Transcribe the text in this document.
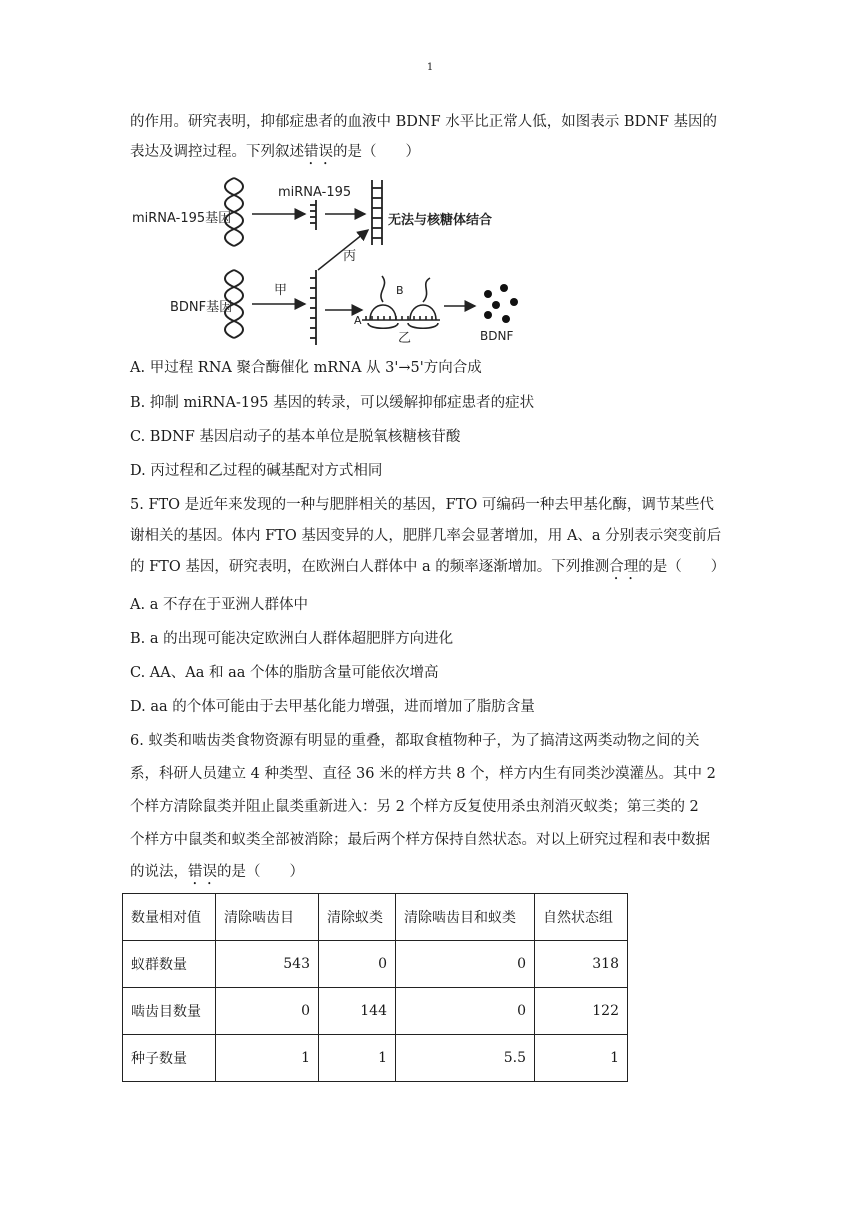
1
的作用。研究表明，抑郁症患者的血液中 BDNF 水平比正常人低，如图表示 BDNF 基因的
表达及调控过程。下列叙述错误的是（　　）
miRNA-195基因
BDNF基因
miRNA-195
无法与核糖体结合
甲
丙
B
A
乙	BDNF
A. 甲过程 RNA 聚合酶催化 mRNA 从 3'→5'方向合成
B. 抑制 miRNA-195 基因的转录，可以缓解抑郁症患者的症状
C. BDNF 基因启动子的基本单位是脱氧核糖核苷酸
D. 丙过程和乙过程的碱基配对方式相同
5. FTO 是近年来发现的一种与肥胖相关的基因，FTO 可编码一种去甲基化酶，调节某些代
谢相关的基因。体内 FTO 基因变异的人，肥胖几率会显著增加，用 A、a 分别表示突变前后
的 FTO 基因，研究表明，在欧洲白人群体中 a 的频率逐渐增加。下列推测合理的是（　　）
A. a 不存在于亚洲人群体中
B. a 的出现可能决定欧洲白人群体超肥胖方向进化
C. AA、Aa 和 aa 个体的脂肪含量可能依次增高
D. aa 的个体可能由于去甲基化能力增强，进而增加了脂肪含量
6. 蚁类和啮齿类食物资源有明显的重叠，都取食植物种子，为了搞清这两类动物之间的关
系，科研人员建立 4 种类型、直径 36 米的样方共 8 个，样方内生有同类沙漠灌丛。其中 2
个样方清除鼠类并阻止鼠类重新进入：另 2 个样方反复使用杀虫剂消灭蚁类；第三类的 2
个样方中鼠类和蚁类全部被消除；最后两个样方保持自然状态。对以上研究过程和表中数据
的说法，错误的是（　　）
数量相对值	清除啮齿目	清除蚁类	清除啮齿目和蚁类	自然状态组
蚁群数量	543	0	0	318
啮齿目数量	0	144	0	122
种子数量	1	1	5.5	1
